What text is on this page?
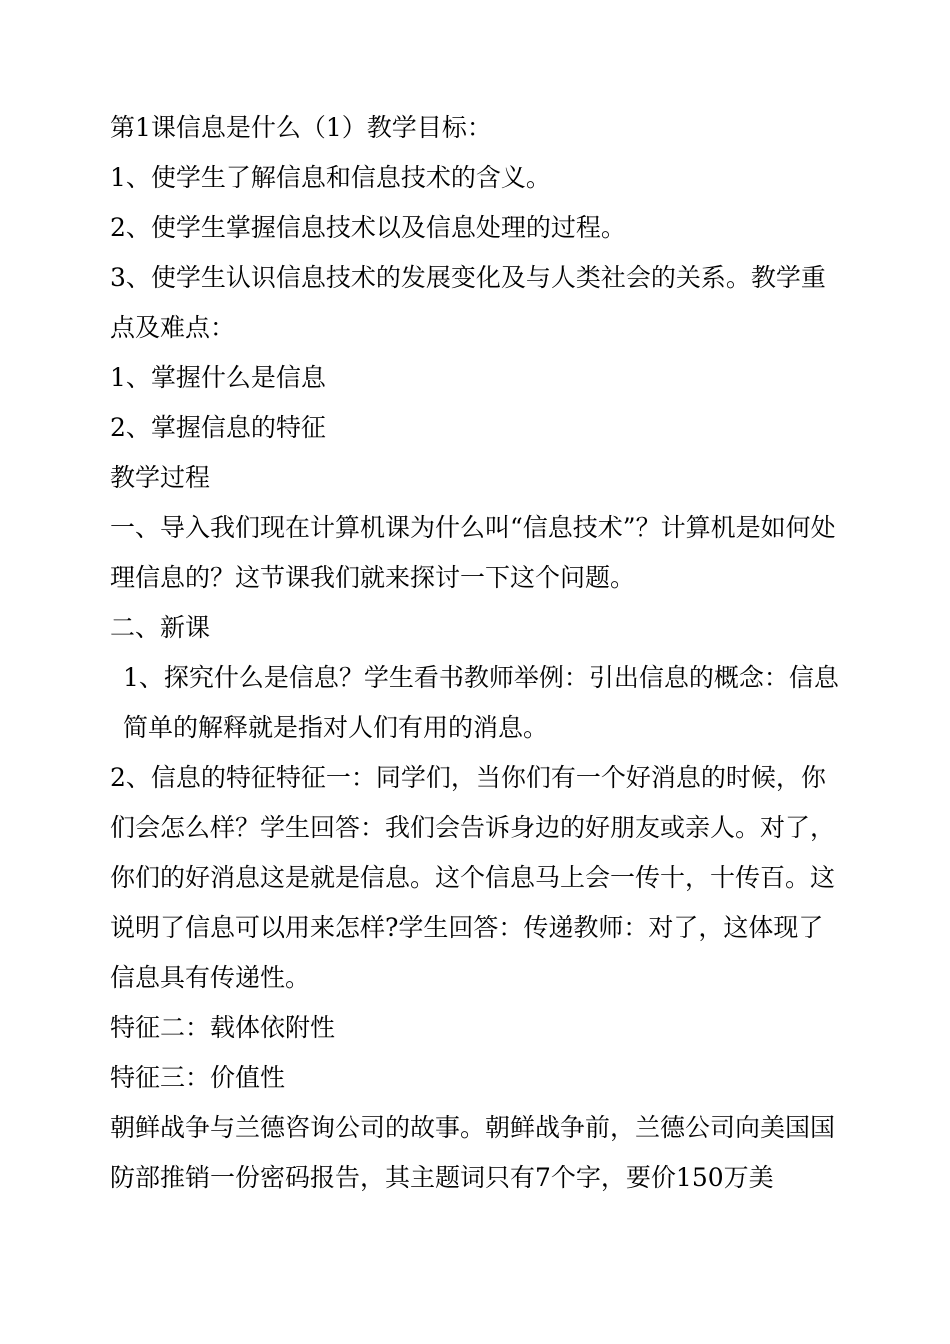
第1课信息是什么（1）教学目标：

1、使学生了解信息和信息技术的含义。

2、使学生掌握信息技术以及信息处理的过程。

3、使学生认识信息技术的发展变化及与人类社会的关系。教学重点及难点：

1、掌握什么是信息

2、掌握信息的特征

教学过程

一、导入我们现在计算机课为什么叫“信息技术”？计算机是如何处理信息的？这节课我们就来探讨一下这个问题。

二、新课

1、探究什么是信息？学生看书教师举例：引出信息的概念：信息简单的解释就是指对人们有用的消息。

2、信息的特征特征一：同学们，当你们有一个好消息的时候，你们会怎么样？学生回答：我们会告诉身边的好朋友或亲人。对了，你们的好消息这是就是信息。这个信息马上会一传十，十传百。这说明了信息可以用来怎样?学生回答：传递教师：对了，这体现了信息具有传递性。

特征二：载体依附性

特征三：价值性

朝鲜战争与兰德咨询公司的故事。朝鲜战争前，兰德公司向美国国防部推销一份密码报告，其主题词只有7个字，要价150万美
